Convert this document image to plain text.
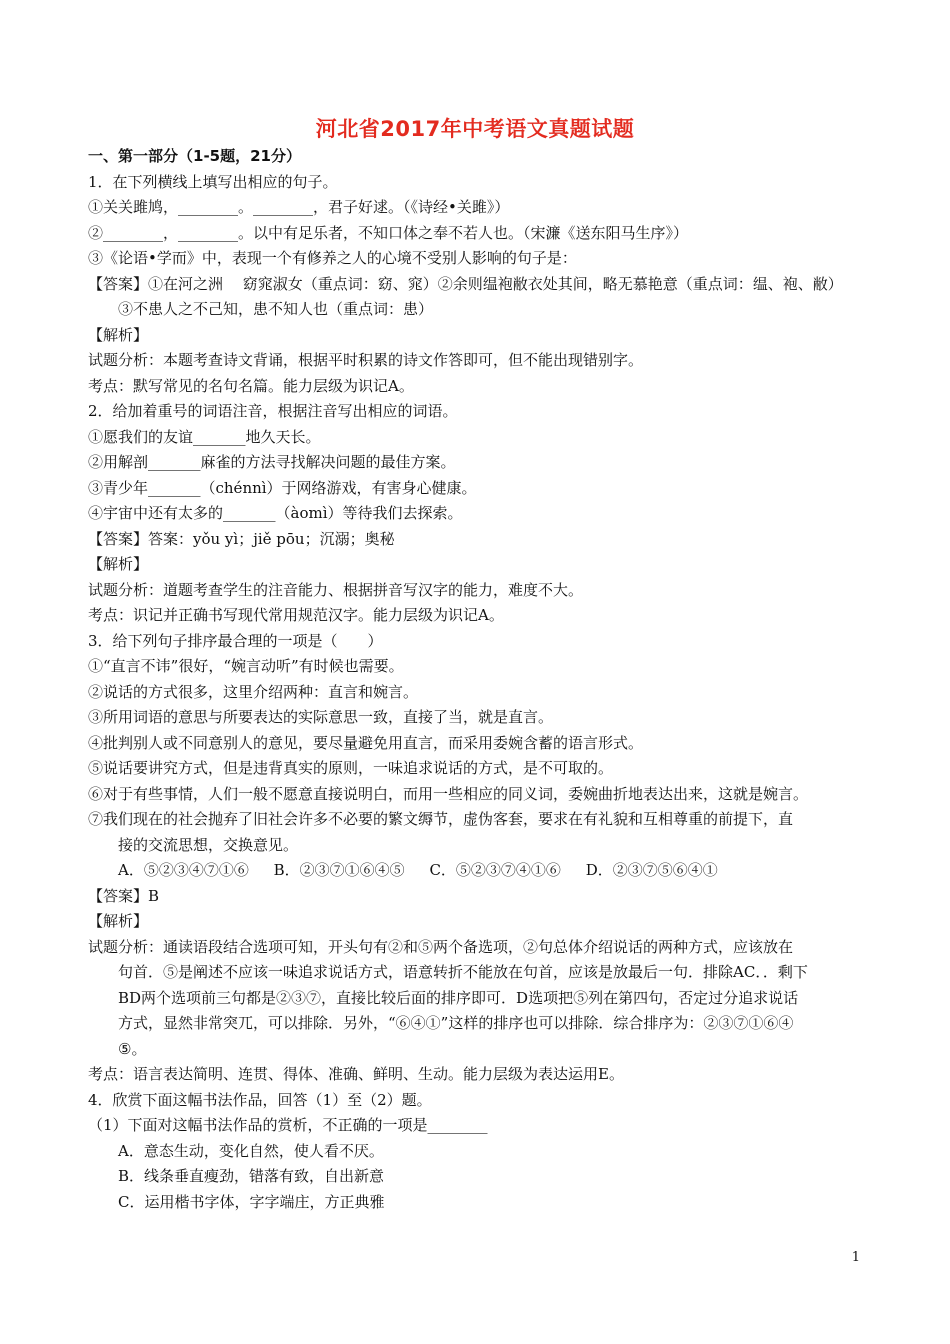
河北省2017年中考语文真题试题
一、第一部分（1-5题，21分）
1．在下列横线上填写出相应的句子。
①关关雎鸠，________。________，君子好逑。（《诗经•关雎》）
②________，________。以中有足乐者，不知口体之奉不若人也。（宋濂《送东阳马生序》）
③《论语•学而》中，表现一个有修养之人的心境不受别人影响的句子是：
【答案】①在河之洲　 窈窕淑女（重点词：窈、窕）②余则缊袍敝衣处其间，略无慕艳意（重点词：缊、袍、敝）
③不患人之不己知，患不知人也（重点词：患）
【解析】
试题分析：本题考查诗文背诵，根据平时积累的诗文作答即可，但不能出现错别字。
考点：默写常见的名句名篇。能力层级为识记A。
2．给加着重号的词语注音，根据注音写出相应的词语。
①愿我们的友谊_______地久天长。
②用解剖_______麻雀的方法寻找解决问题的最佳方案。
③青少年_______（chénnì）于网络游戏，有害身心健康。
④宇宙中还有太多的_______（àomì）等待我们去探索。
【答案】答案：yǒu yì；jiě pōu；沉溺；奥秘
【解析】
试题分析：道题考查学生的注音能力、根据拼音写汉字的能力，难度不大。
考点：识记并正确书写现代常用规范汉字。能力层级为识记A。
3．给下列句子排序最合理的一项是（　　）
①“直言不讳”很好，“婉言动听”有时候也需要。
②说话的方式很多，这里介绍两种：直言和婉言。
③所用词语的意思与所要表达的实际意思一致，直接了当，就是直言。
④批判别人或不同意别人的意见，要尽量避免用直言，而采用委婉含蓄的语言形式。
⑤说话要讲究方式，但是违背真实的原则，一味追求说话的方式，是不可取的。
⑥对于有些事情，人们一般不愿意直接说明白，而用一些相应的同义词，委婉曲折地表达出来，这就是婉言。
⑦我们现在的社会抛弃了旧社会许多不必要的繁文缛节，虚伪客套，要求在有礼貌和互相尊重的前提下，直
接的交流思想，交换意见。
A．⑤②③④⑦①⑥ B．②③⑦①⑥④⑤ C．⑤②③⑦④①⑥ D．②③⑦⑤⑥④①
【答案】B
【解析】
试题分析：通读语段结合选项可知，开头句有②和⑤两个备选项，②句总体介绍说话的两种方式，应该放在
句首．⑤是阐述不应该一味追求说话方式，语意转折不能放在句首，应该是放最后一句．排除AC．．剩下
BD两个选项前三句都是②③⑦，直接比较后面的排序即可．D选项把⑤列在第四句，否定过分追求说话
方式，显然非常突兀，可以排除．另外，“⑥④①”这样的排序也可以排除．综合排序为：②③⑦①⑥④
⑤。
考点：语言表达简明、连贯、得体、准确、鲜明、生动。能力层级为表达运用E。
4．欣赏下面这幅书法作品，回答（1）至（2）题。
（1）下面对这幅书法作品的赏析，不正确的一项是________
A．意态生动，变化自然，使人看不厌。
B．线条垂直瘦劲，错落有致，自出新意
C．运用楷书字体，字字端庄，方正典雅
1
